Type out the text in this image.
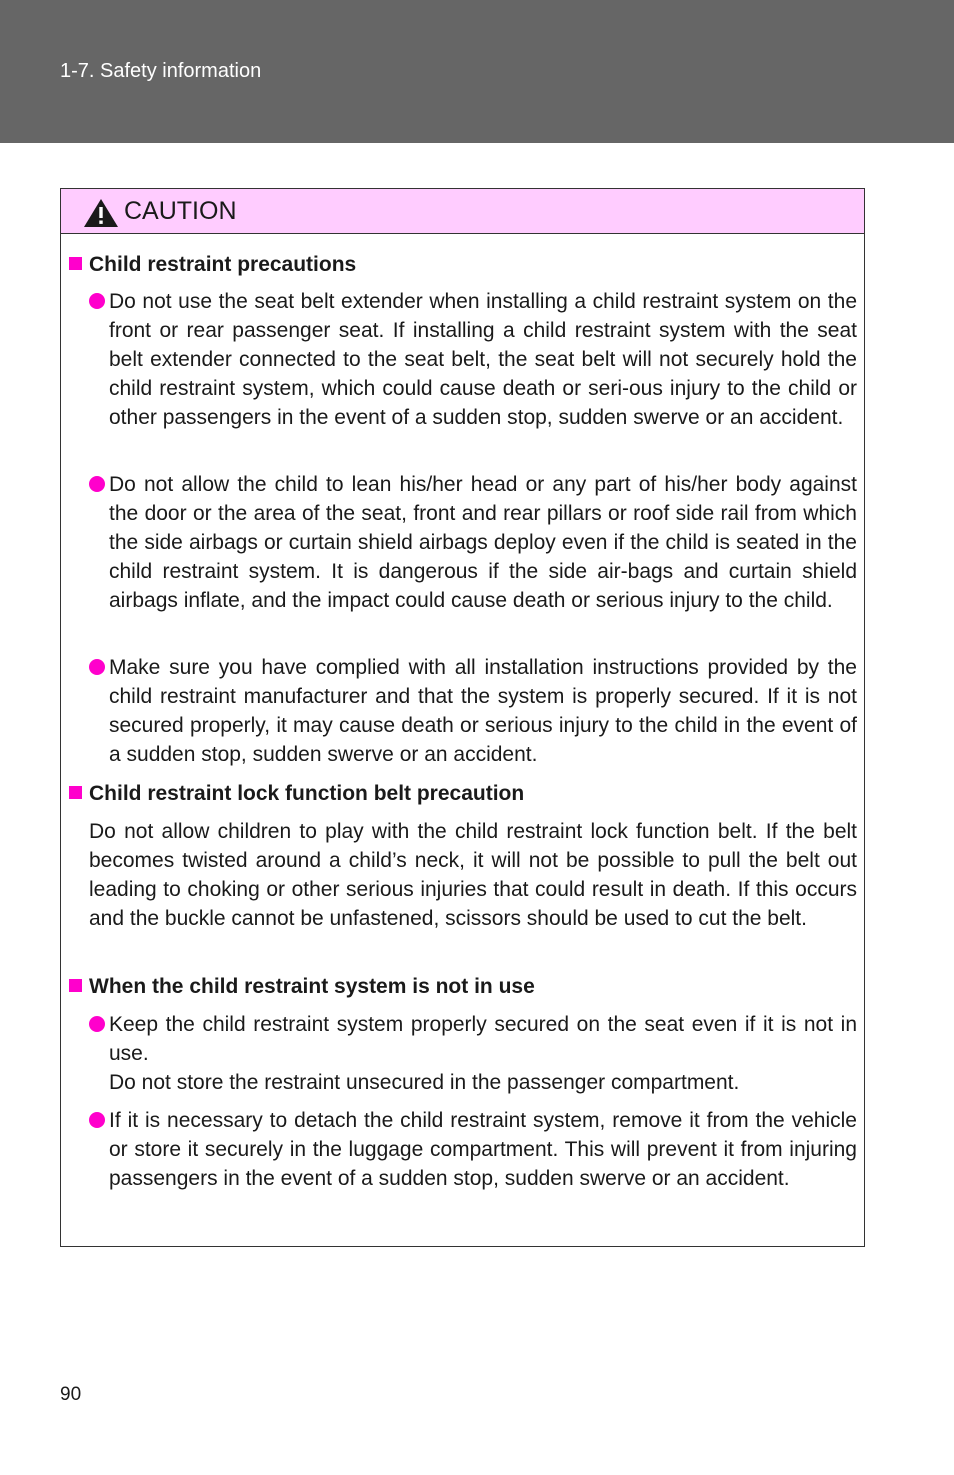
1-7. Safety information
CAUTION
Child restraint precautions
Do not use the seat belt extender when installing a child restraint system on the front or rear passenger seat. If installing a child restraint system with the seat belt extender connected to the seat belt, the seat belt will not securely hold the child restraint system, which could cause death or seri-ous injury to the child or other passengers in the event of a sudden stop, sudden swerve or an accident.
Do not allow the child to lean his/her head or any part of his/her body against the door or the area of the seat, front and rear pillars or roof side rail from which the side airbags or curtain shield airbags deploy even if the child is seated in the child restraint system. It is dangerous if the side air-bags and curtain shield airbags inflate, and the impact could cause death or serious injury to the child.
Make sure you have complied with all installation instructions provided by the child restraint manufacturer and that the system is properly secured. If it is not secured properly, it may cause death or serious injury to the child in the event of a sudden stop, sudden swerve or an accident.
Child restraint lock function belt precaution
Do not allow children to play with the child restraint lock function belt. If the belt becomes twisted around a child’s neck, it will not be possible to pull the belt out leading to choking or other serious injuries that could result in death. If this occurs and the buckle cannot be unfastened, scissors should be used to cut the belt.
When the child restraint system is not in use
Keep the child restraint system properly secured on the seat even if it is not in use.
Do not store the restraint unsecured in the passenger compartment.
If it is necessary to detach the child restraint system, remove it from the vehicle or store it securely in the luggage compartment. This will prevent it from injuring passengers in the event of a sudden stop, sudden swerve or an accident.
90
